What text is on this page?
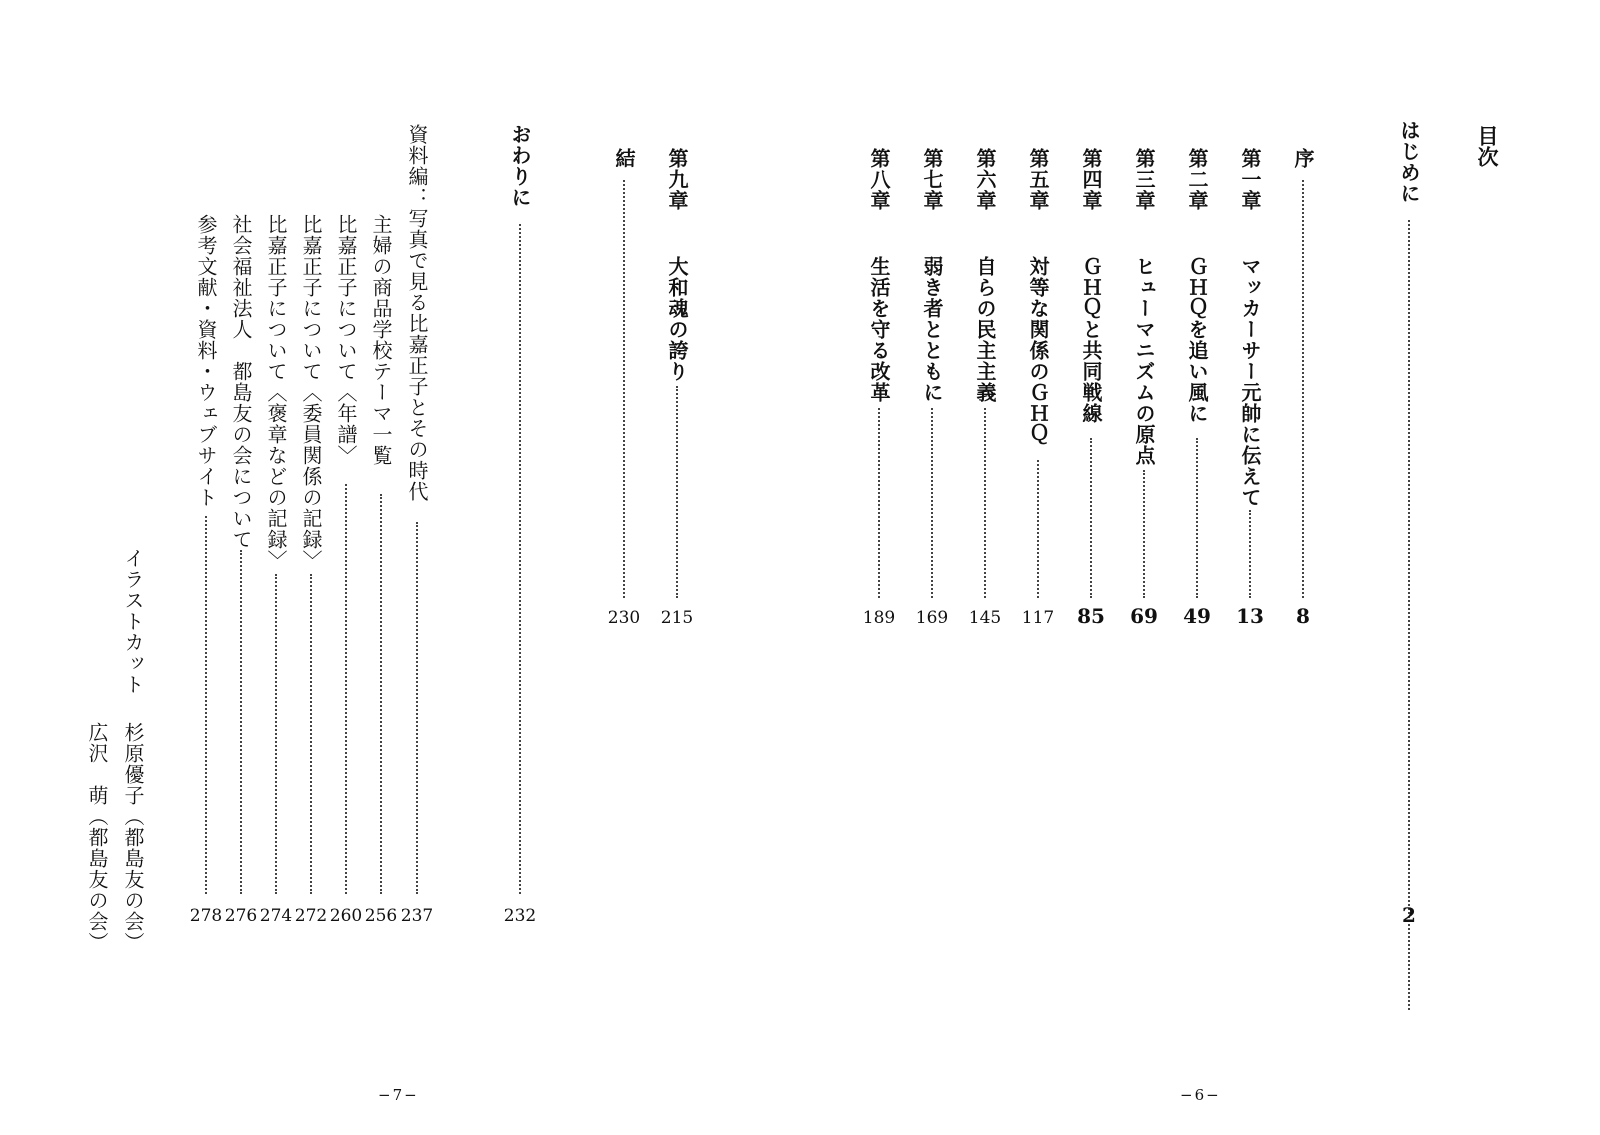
目次
はじめに
2
序
8
第一章
マッカーサー元帥に伝えて
13
第二章
ＧＨＱを追い風に
49
第三章
ヒューマニズムの原点
69
第四章
ＧＨＱと共同戦線
85
第五章
対等な関係のＧＨＱ
117
第六章
自らの民主主義
145
第七章
弱き者とともに
169
第八章
生活を守る改革
189
第九章
大和魂の誇り
215
結
230
おわりに
232
資料編：写真で見る比嘉正子とその時代
237
主婦の商品学校テーマ一覧
256
比嘉正子について〈年譜〉
260
比嘉正子について〈委員関係の記録〉
272
比嘉正子について〈褒章などの記録〉
274
社会福祉法人　都島友の会について
276
参考文献・資料・ウェブサイト
278
イラストカット
杉原優子（都島友の会）
広沢　萌（都島友の会）
−6−
−7−
